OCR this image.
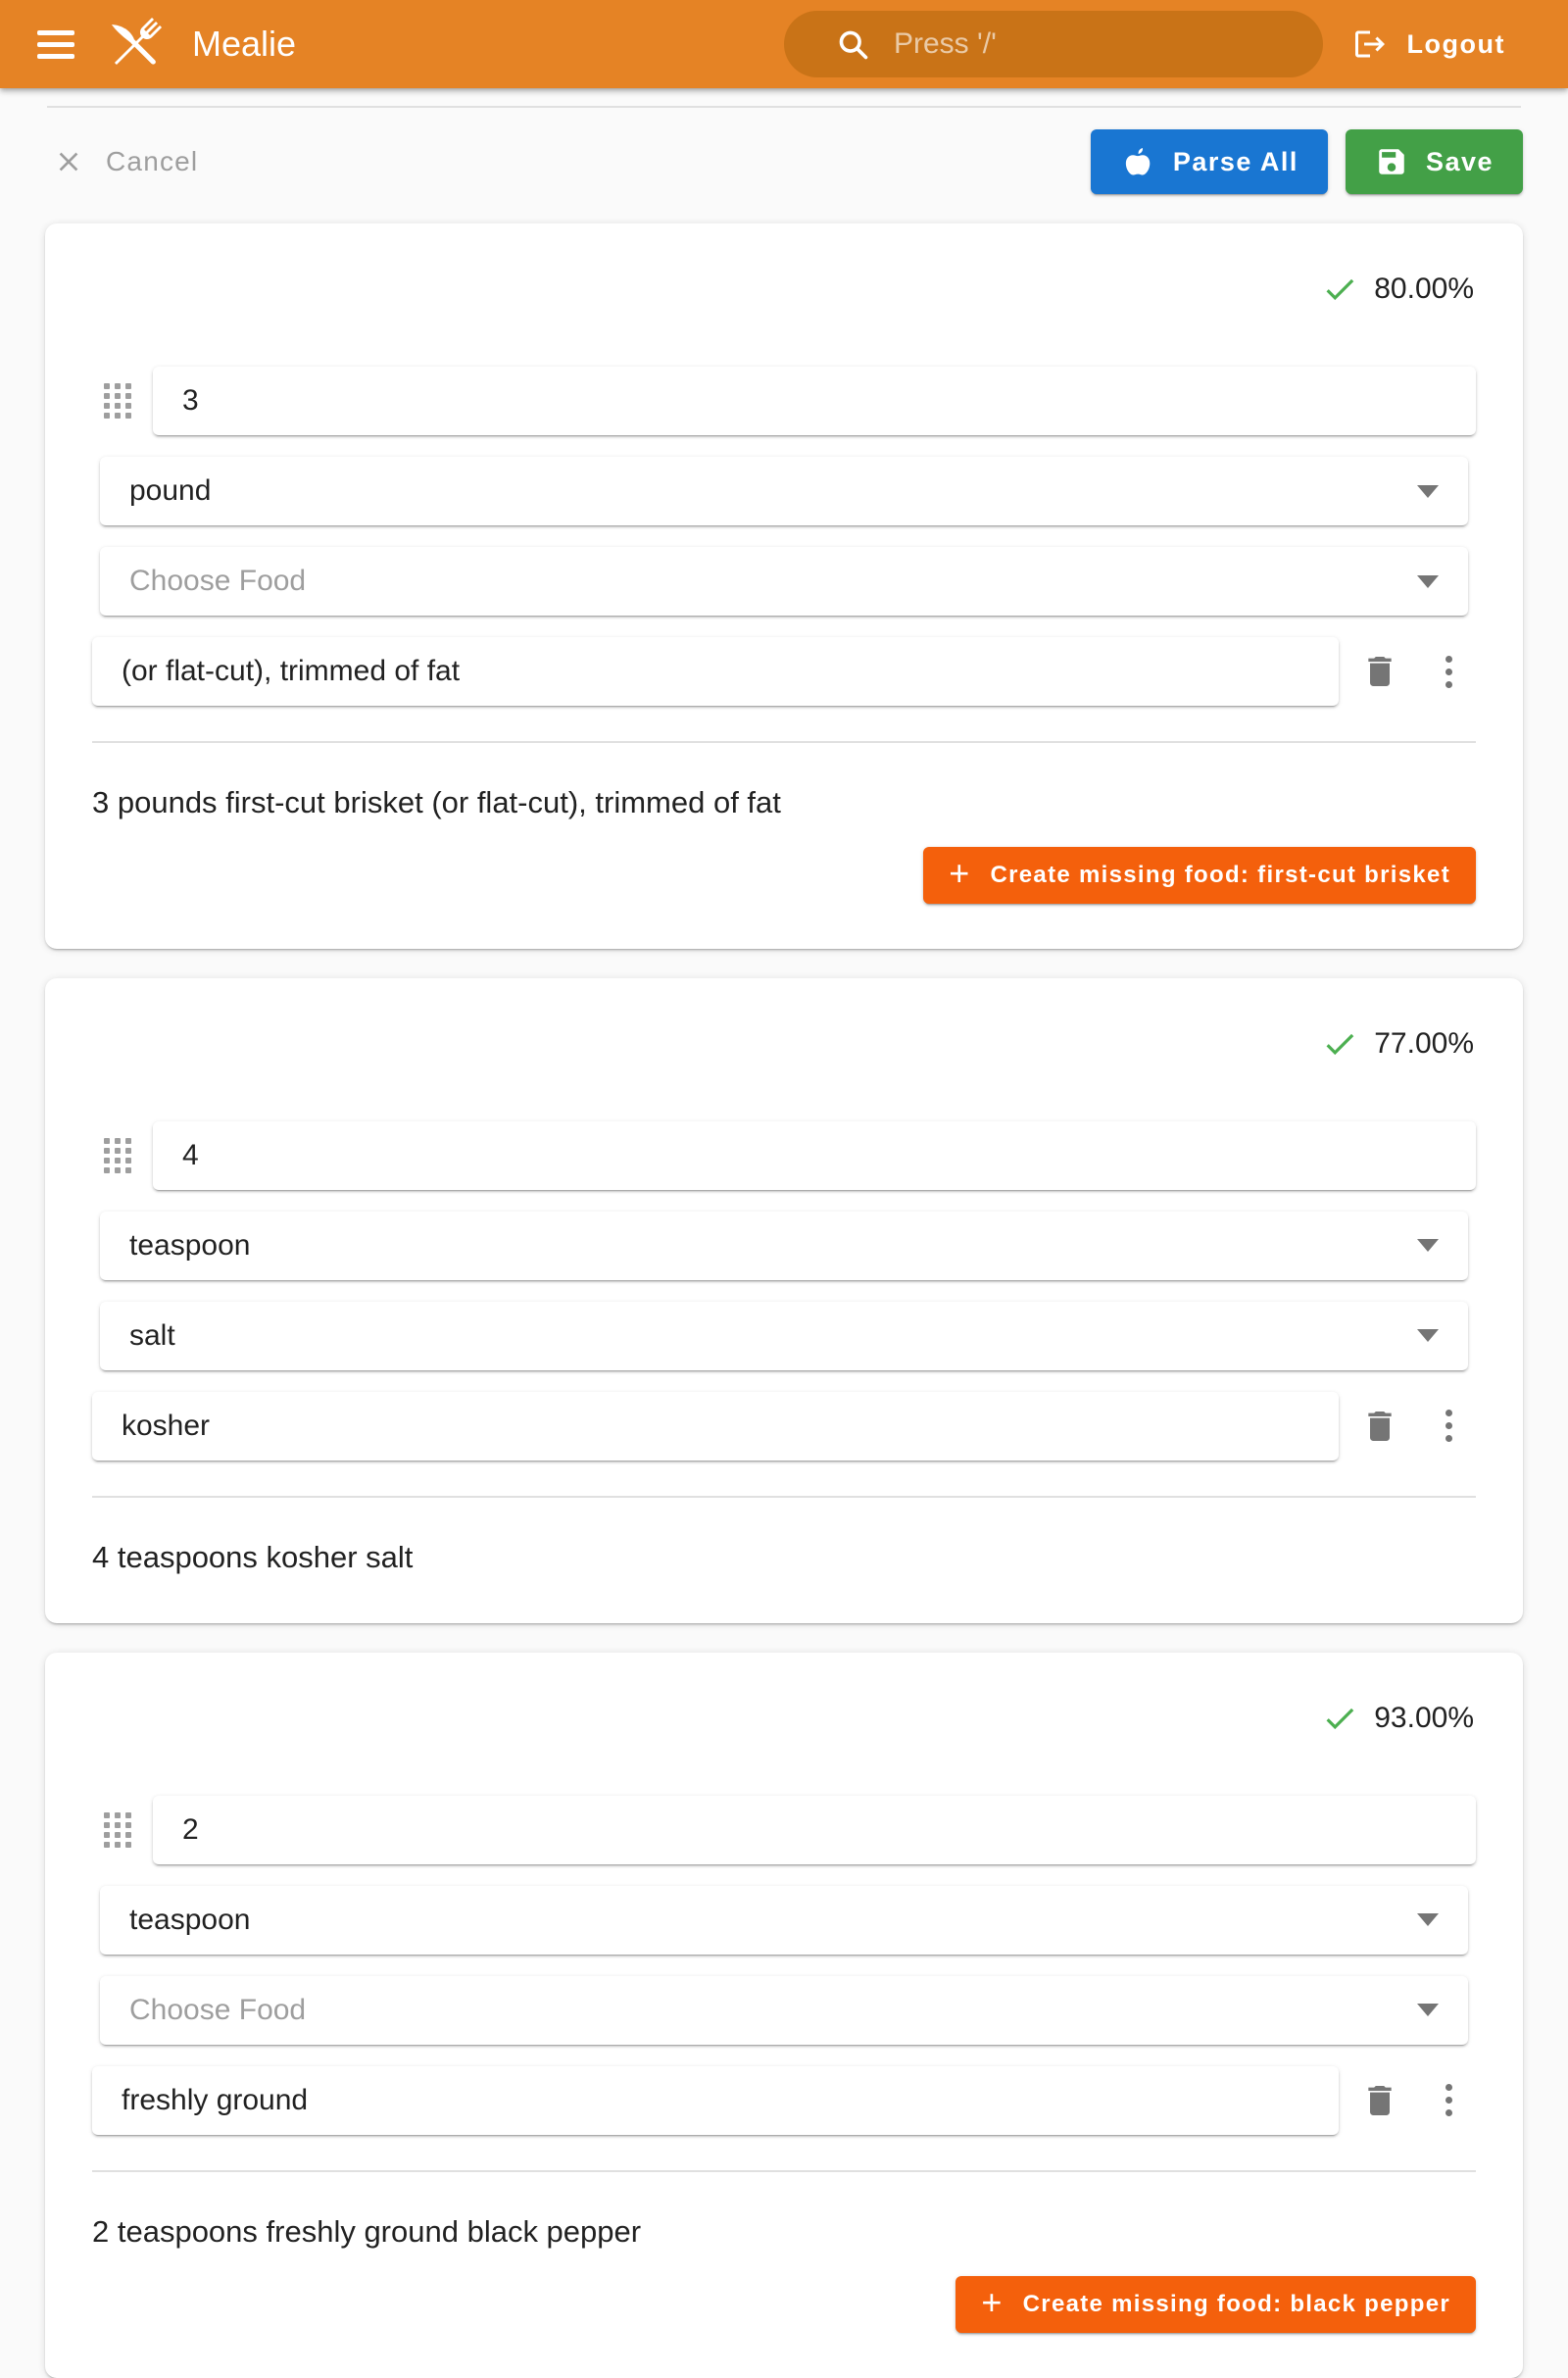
Mealie
Press '/'	Logout
Cancel	Parse All	Save
80.00%
3
pound
Choose Food
(or flat-cut), trimmed of fat

3 pounds first-cut brisket (or flat-cut), trimmed of fat

+ Create missing food: first-cut brisket
77.00%
4
teaspoon
salt
kosher

4 teaspoons kosher salt

93.00%
2
teaspoon
Choose Food
freshly ground

2 teaspoons freshly ground black pepper

+ Create missing food: black pepper
